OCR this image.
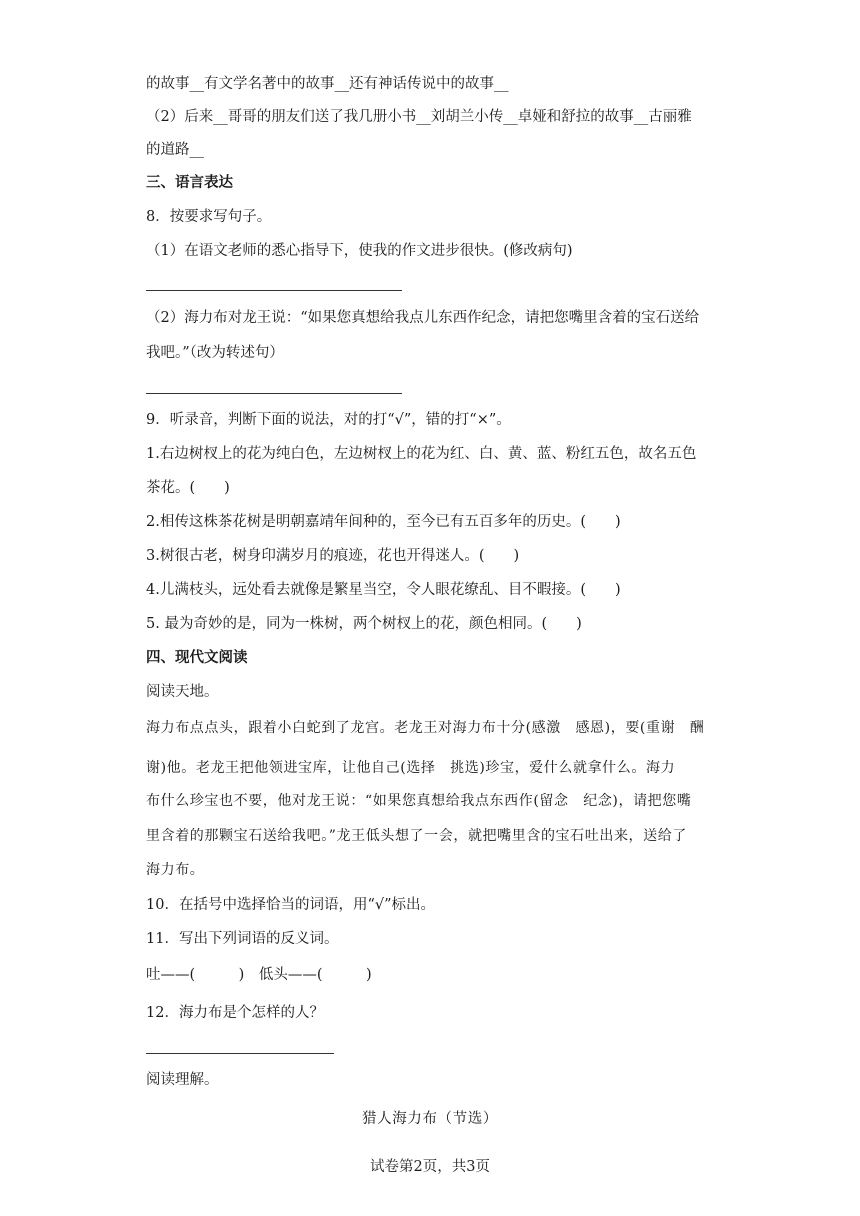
的故事__有文学名著中的故事__还有神话传说中的故事__
（2）后来__哥哥的朋友们送了我几册小书__刘胡兰小传__卓娅和舒拉的故事__古丽雅
的道路__
三、语言表达
8．按要求写句子。
（1）在语文老师的悉心指导下，使我的作文进步很快。(修改病句)
（2）海力布对龙王说：“如果您真想给我点儿东西作纪念，请把您嘴里含着的宝石送给
我吧。”（改为转述句）
9．听录音，判断下面的说法，对的打“√”，错的打“×”。
1.右边树杈上的花为纯白色，左边树杈上的花为红、白、黄、蓝、粉红五色，故名五色
茶花。(　　)
2.相传这株茶花树是明朝嘉靖年间种的，至今已有五百多年的历史。(　　)
3.树很古老，树身印满岁月的痕迹，花也开得迷人。(　　)
4.儿满枝头，远处看去就像是繁星当空，令人眼花缭乱、目不暇接。(　　)
5. 最为奇妙的是，同为一株树，两个树杈上的花，颜色相同。(　　)
四、现代文阅读
阅读天地。
海力布点点头，跟着小白蛇到了龙宫。老龙王对海力布十分(感激　感恩)，要(重谢　酬
谢)他。老龙王把他领进宝库，让他自己(选择　挑选)珍宝，爱什么就拿什么。海力
布什么珍宝也不要，他对龙王说：“如果您真想给我点东西作(留念　纪念)，请把您嘴
里含着的那颗宝石送给我吧。”龙王低头想了一会，就把嘴里含的宝石吐出来，送给了
海力布。
10．在括号中选择恰当的词语，用“√”标出。
11．写出下列词语的反义词。
吐——(　　　)　低头——(　　　)
12．海力布是个怎样的人？
阅读理解。
猎人海力布（节选）
试卷第2页，共3页
